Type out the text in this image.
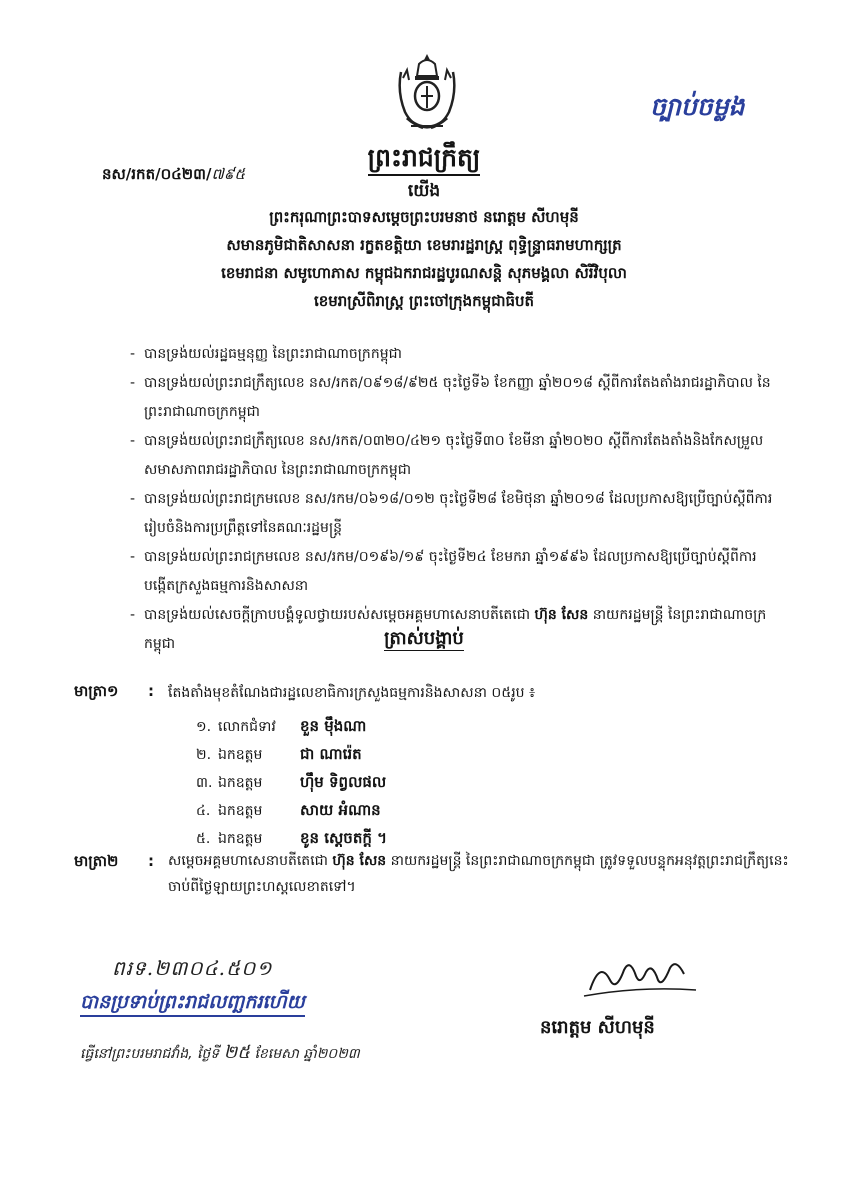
ច្បាប់ចម្លង
ព្រះរាជក្រឹត្យ
នស/រកត/០៤២៣/៧៩៥
យើង
ព្រះករុណាព្រះបាទសម្តេចព្រះបរមនាថ នរោត្តម សីហមុនី
សមានភូមិជាតិសាសនា រក្ខតខត្តិយា ខេមរារដ្ឋរាស្ត្រ ពុទ្ធិន្ទ្រាធរាមហាក្សត្រ
ខេមរាជនា សមូហោភាស កម្ពុជឯករាជរដ្ឋបូរណសន្តិ សុភមង្គលា សិរីវិបុលា
ខេមរាស្រីពិរាស្ត្រ ព្រះចៅក្រុងកម្ពុជាធិបតី
- បានទ្រង់យល់រដ្ឋធម្មនុញ្ញ នៃព្រះរាជាណាចក្រកម្ពុជា
- បានទ្រង់យល់ព្រះរាជក្រឹត្យលេខ នស/រកត/០៩១៨/៩២៥ ចុះថ្ងៃទី៦ ខែកញ្ញា ឆ្នាំ២០១៨ ស្តីពីការតែងតាំងរាជរដ្ឋាភិបាល នៃព្រះរាជាណាចក្រកម្ពុជា
- បានទ្រង់យល់ព្រះរាជក្រឹត្យលេខ នស/រកត/០៣២០/៤២១ ចុះថ្ងៃទី៣០ ខែមីនា ឆ្នាំ២០២០ ស្តីពីការតែងតាំងនិងកែសម្រួលសមាសភាពរាជរដ្ឋាភិបាល នៃព្រះរាជាណាចក្រកម្ពុជា
- បានទ្រង់យល់ព្រះរាជក្រមលេខ នស/រកម/០៦១៨/០១២ ចុះថ្ងៃទី២៨ ខែមិថុនា ឆ្នាំ២០១៨ ដែលប្រកាសឱ្យប្រើច្បាប់ស្តីពីការរៀបចំនិងការប្រព្រឹត្តទៅនៃគណៈរដ្ឋមន្ត្រី
- បានទ្រង់យល់ព្រះរាជក្រមលេខ នស/រកម/០១៩៦/១៩ ចុះថ្ងៃទី២៤ ខែមករា ឆ្នាំ១៩៩៦ ដែលប្រកាសឱ្យប្រើច្បាប់ស្តីពីការបង្កើតក្រសួងធម្មការនិងសាសនា
- បានទ្រង់យល់សេចក្តីក្រាបបង្គំទូលថ្វាយរបស់សម្តេចអគ្គមហាសេនាបតីតេជោ ហ៊ុន សែន នាយករដ្ឋមន្ត្រី នៃព្រះរាជាណាចក្រកម្ពុជា	ត្រាស់បង្គាប់
មាត្រា១ : តែងតាំងមុខតំណែងជារដ្ឋលេខាធិការក្រសួងធម្មការនិងសាសនា ០៥រូប ៖
១. លោកជំទាវ ខួន ម៉ឹងណា
២. ឯកឧត្តម	ជា ណារ៉េត
៣. ឯកឧត្តម	ហ៊ឹម ទិព្វលផល
៤. ឯកឧត្តម	សាយ អំណាន
៥. ឯកឧត្តម	ខូន ស្តេចតក្តី ។
មាត្រា២ : សម្តេចអគ្គមហាសេនាបតីតេជោ ហ៊ុន សែន នាយករដ្ឋមន្ត្រី នៃព្រះរាជាណាចក្រកម្ពុជា ត្រូវទទួលបន្ទុកអនុវត្តព្រះរាជក្រឹត្យនេះ ចាប់ពីថ្ងៃឡាយព្រះហស្តលេខាតទៅ។
ពរទ.២៣០៤.៥០១
បានប្រទាប់ព្រះរាជលញ្ឆករហើយ
ធ្វើនៅព្រះបរមរាជវាំង, ថ្ងៃទី ២៥ ខែមេសា ឆ្នាំ២០២៣
នរោត្តម សីហមុនី
